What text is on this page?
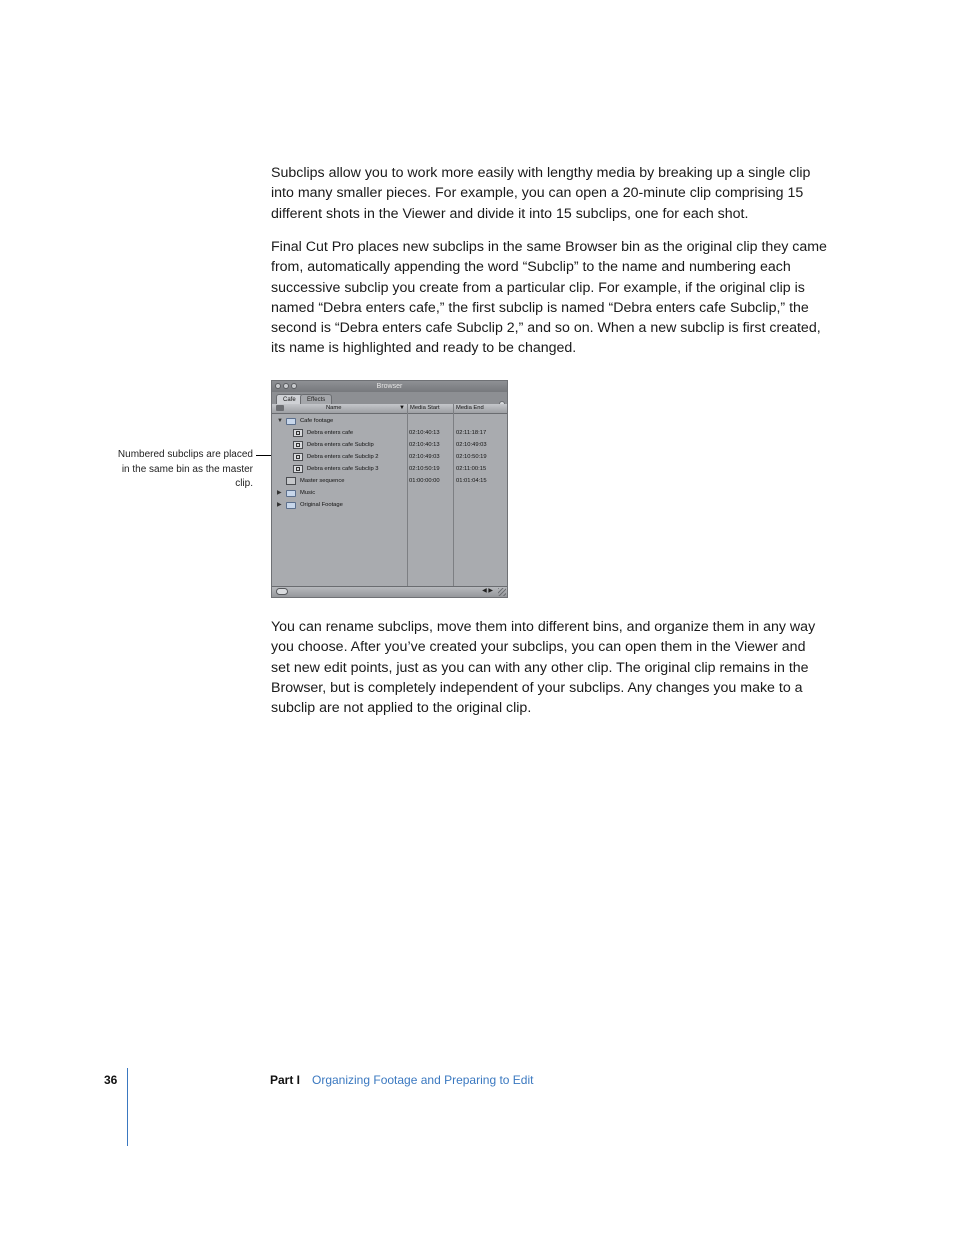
Subclips allow you to work more easily with lengthy media by breaking up a single clip into many smaller pieces. For example, you can open a 20-minute clip comprising 15 different shots in the Viewer and divide it into 15 subclips, one for each shot.

Final Cut Pro places new subclips in the same Browser bin as the original clip they came from, automatically appending the word “Subclip” to the name and numbering each successive subclip you create from a particular clip. For example, if the original clip is named “Debra enters cafe,” the first subclip is named “Debra enters cafe Subclip,” the second is “Debra enters cafe Subclip 2,” and so on. When a new subclip is first created, its name is highlighted and ready to be changed.

Numbered subclips are placed in the same bin as the master clip.
Browser
Cafe	Effects
Name	▼ Media Start	Media End
▼	Cafe footage
Debra enters cafe	02:10:40:13	02:11:18:17
Debra enters cafe Subclip	02:10:40:13	02:10:49:03
Debra enters cafe Subclip 2	02:10:49:03	02:10:50:19
Debra enters cafe Subclip 3	02:10:50:19	02:11:00:15
Master sequence	01:00:00:00	01:01:04:15
▶	Music
▶	Original Footage
◀ ▶

You can rename subclips, move them into different bins, and organize them in any way you choose. After you’ve created your subclips, you can open them in the Viewer and set new edit points, just as you can with any other clip. The original clip remains in the Browser, but is completely independent of your subclips. Any changes you make to a subclip are not applied to the original clip.

36	Part I Organizing Footage and Preparing to Edit
